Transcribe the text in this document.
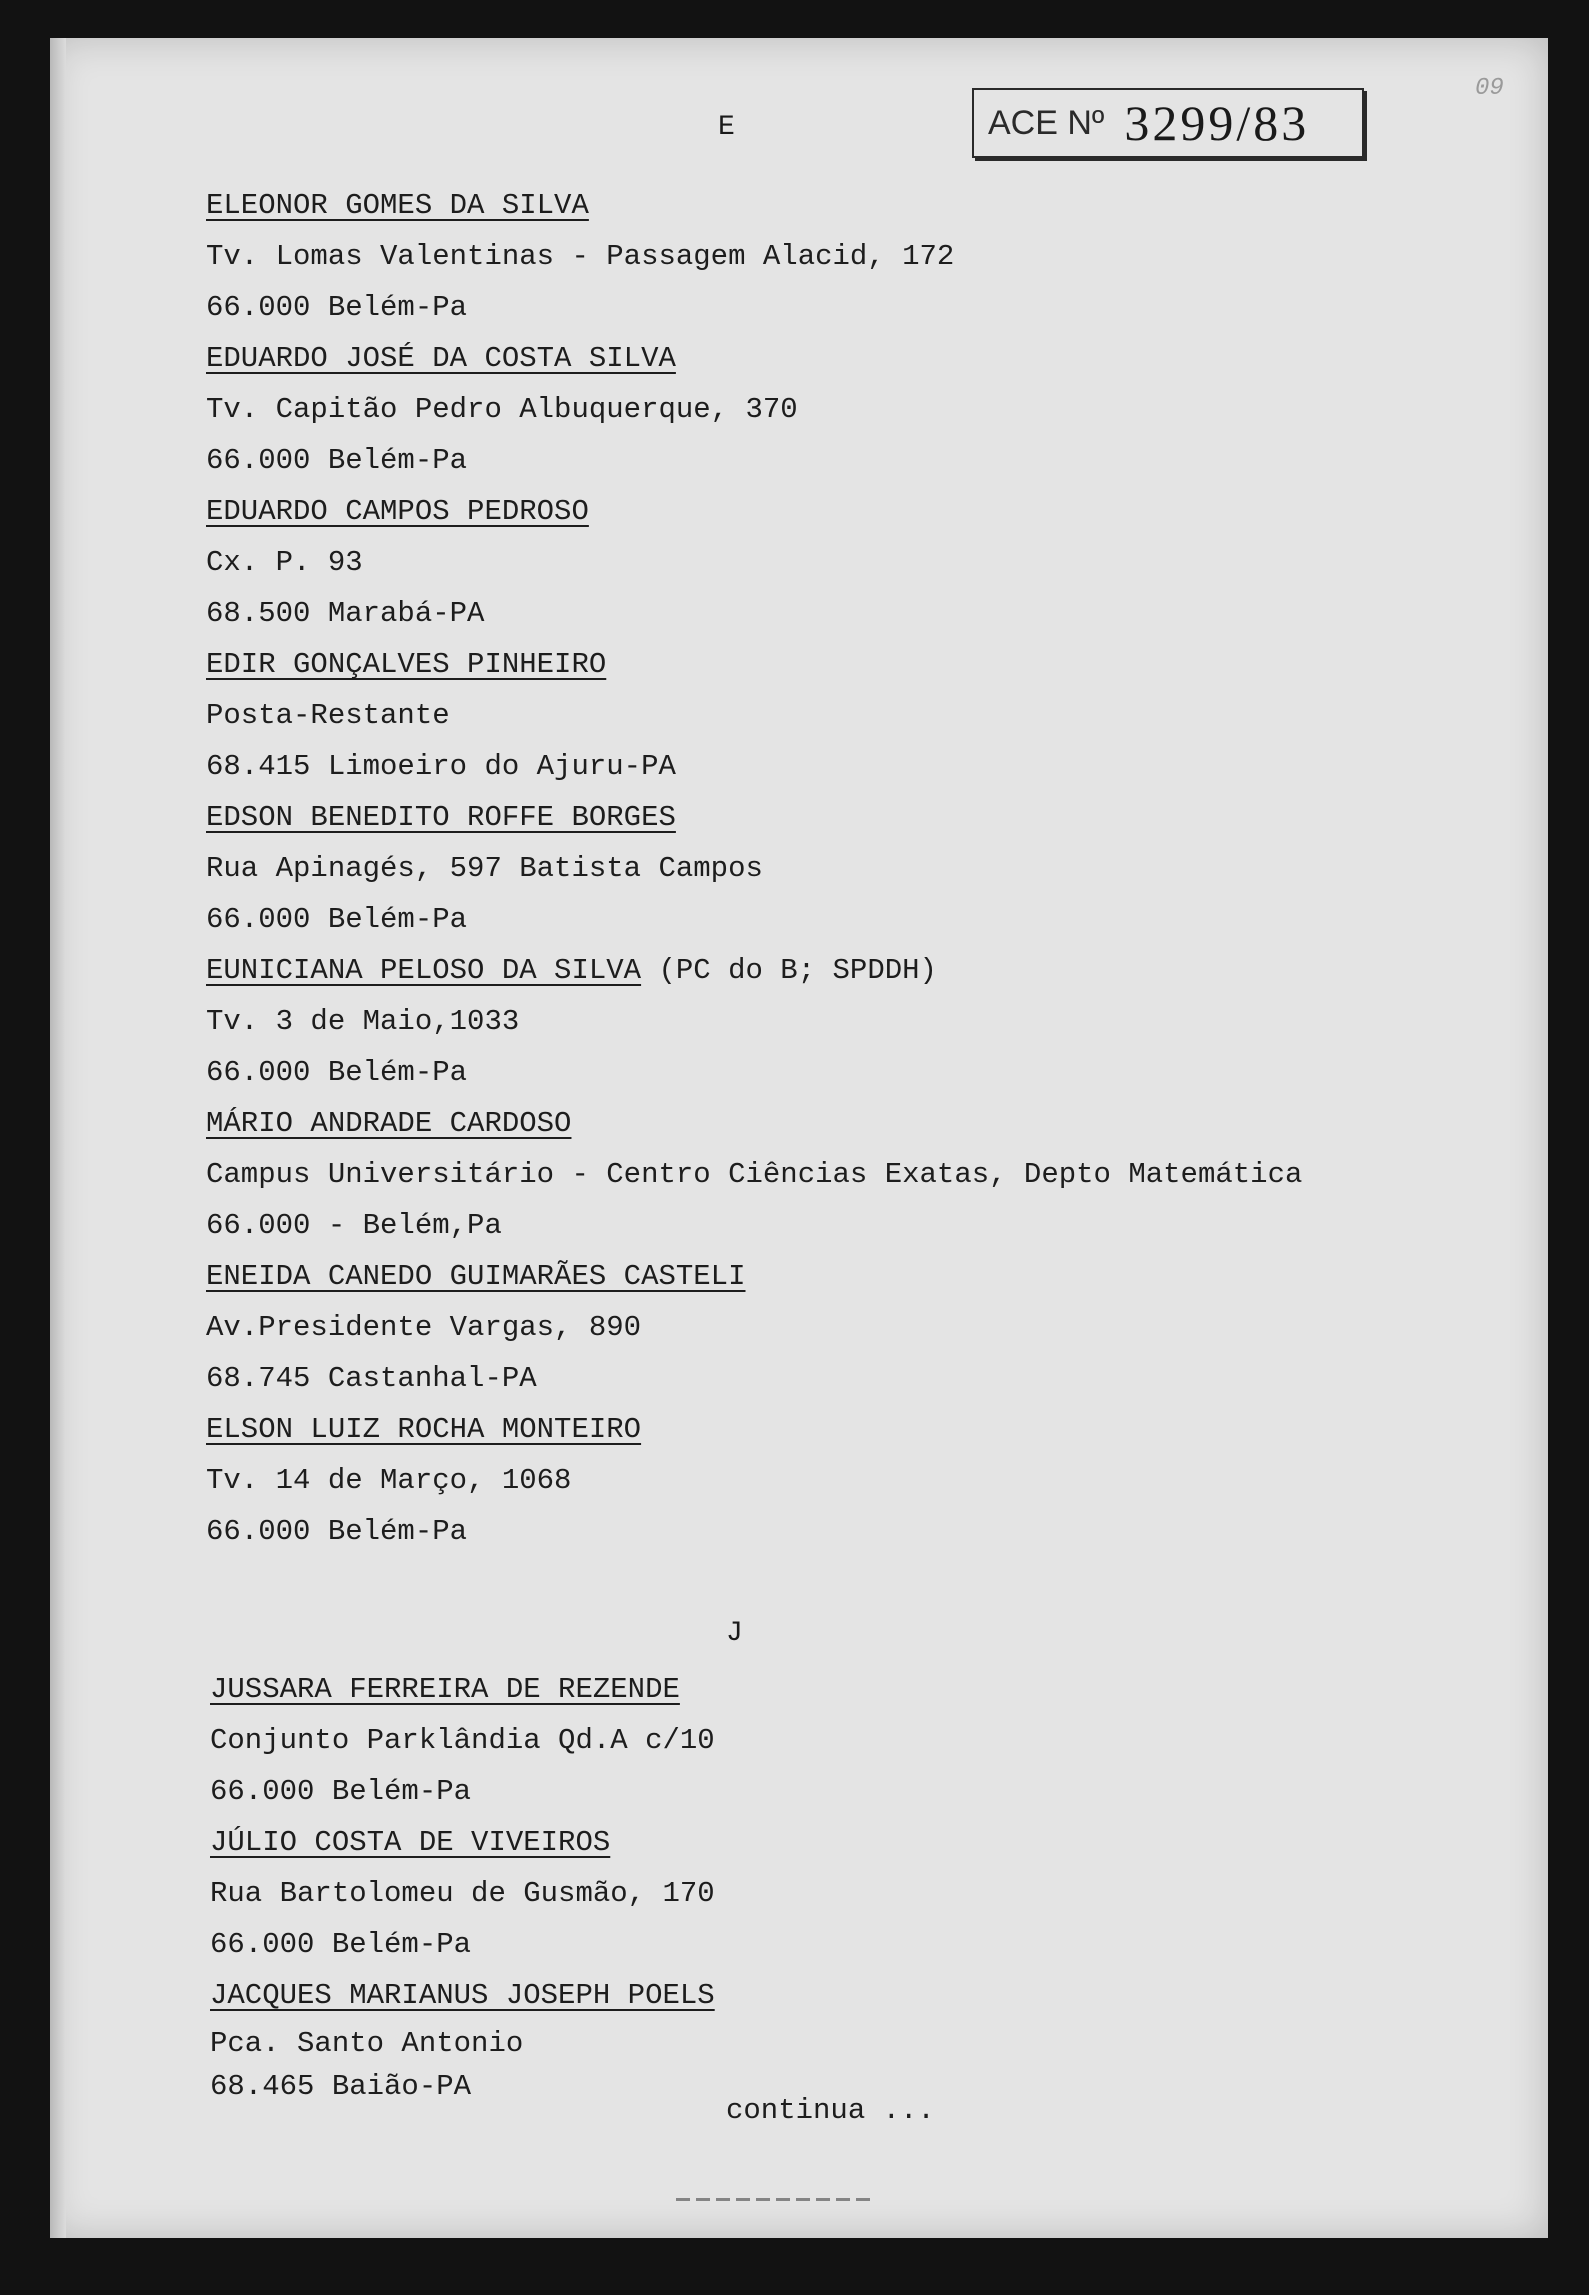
09
ACE Nº 3299/83
E
ELEONOR GOMES DA SILVA
Tv. Lomas Valentinas - Passagem Alacid, 172
66.000 Belém-Pa
EDUARDO JOSÉ DA COSTA SILVA
Tv. Capitão Pedro Albuquerque, 370
66.000 Belém-Pa
EDUARDO CAMPOS PEDROSO
Cx. P. 93
68.500 Marabá-PA
EDIR GONÇALVES PINHEIRO
Posta-Restante
68.415 Limoeiro do Ajuru-PA
EDSON BENEDITO ROFFE BORGES
Rua Apinagés, 597 Batista Campos
66.000 Belém-Pa
EUNICIANA PELOSO DA SILVA (PC do B; SPDDH)
Tv. 3 de Maio,1033
66.000 Belém-Pa
MÁRIO ANDRADE CARDOSO
Campus Universitário - Centro Ciências Exatas, Depto Matemática
66.000 - Belém,Pa
ENEIDA CANEDO GUIMARÃES CASTELI
Av.Presidente Vargas, 890
68.745 Castanhal-PA
ELSON LUIZ ROCHA MONTEIRO
Tv. 14 de Março, 1068
66.000 Belém-Pa
J
JUSSARA FERREIRA DE REZENDE
Conjunto Parklândia Qd.A c/10
66.000 Belém-Pa
JÚLIO COSTA DE VIVEIROS
Rua Bartolomeu de Gusmão, 170
66.000 Belém-Pa
JACQUES MARIANUS JOSEPH POELS
Pca. Santo Antonio
68.465 Baião-PA
continua ...
